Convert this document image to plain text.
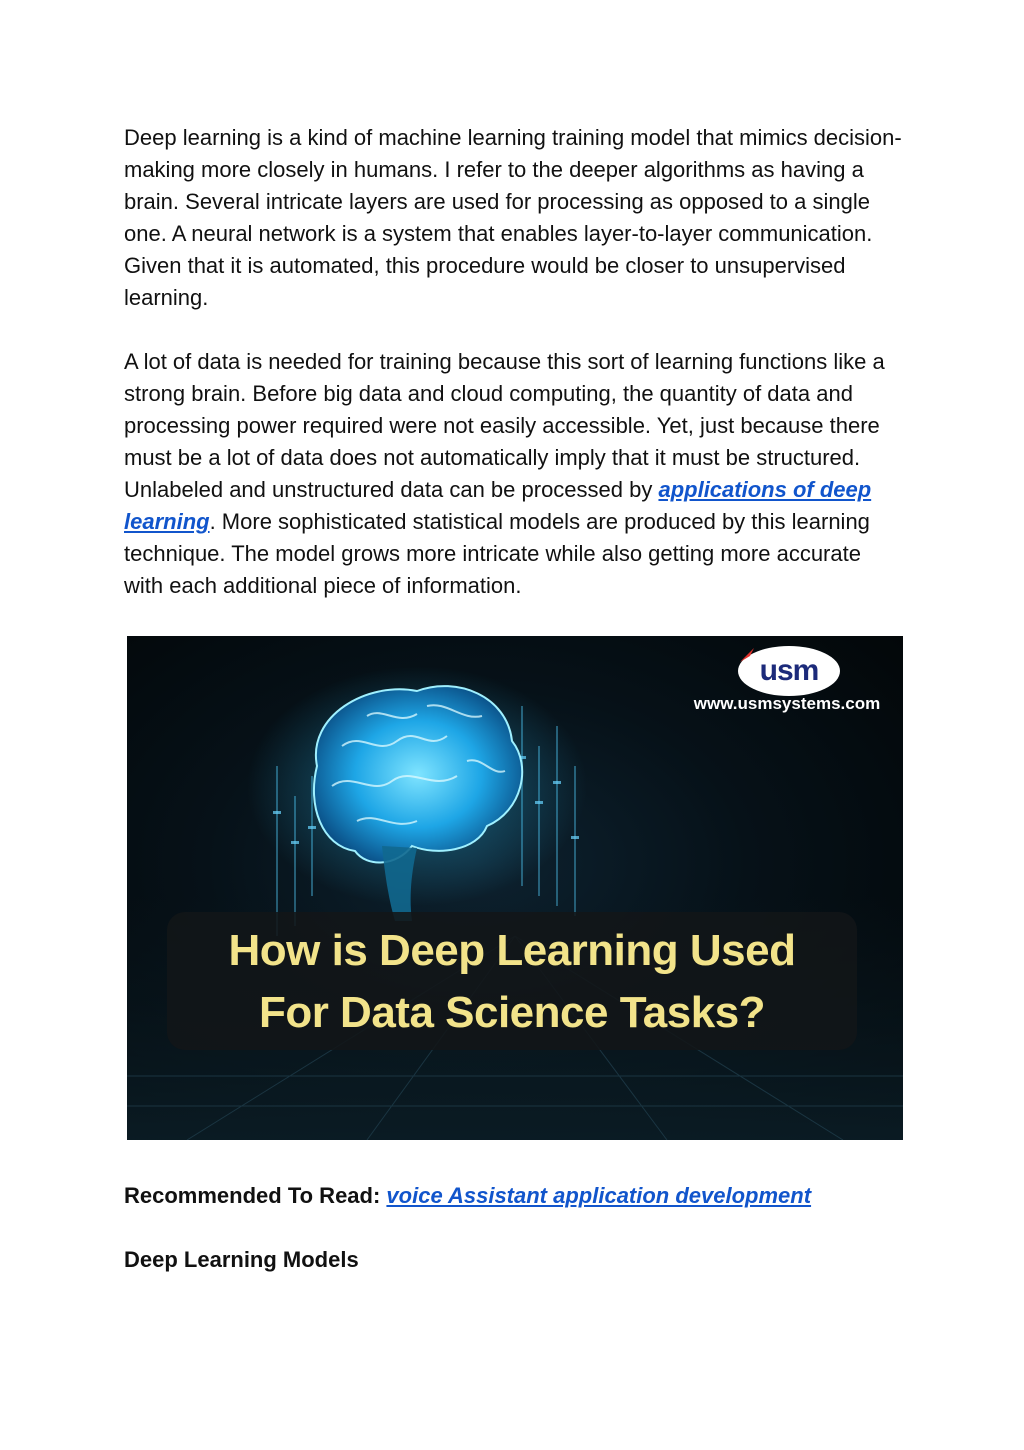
Deep learning is a kind of machine learning training model that mimics decision-making more closely in humans. I refer to the deeper algorithms as having a brain. Several intricate layers are used for processing as opposed to a single one. A neural network is a system that enables layer-to-layer communication. Given that it is automated, this procedure would be closer to unsupervised learning.

A lot of data is needed for training because this sort of learning functions like a strong brain. Before big data and cloud computing, the quantity of data and processing power required were not easily accessible. Yet, just because there must be a lot of data does not automatically imply that it must be structured. Unlabeled and unstructured data can be processed by applications of deep learning. More sophisticated statistical models are produced by this learning technique. The model grows more intricate while also getting more accurate with each additional piece of information.

usm
www.usmsystems.com
How is Deep Learning Used
For Data Science Tasks?
Recommended To Read: voice Assistant application development
Deep Learning Models
